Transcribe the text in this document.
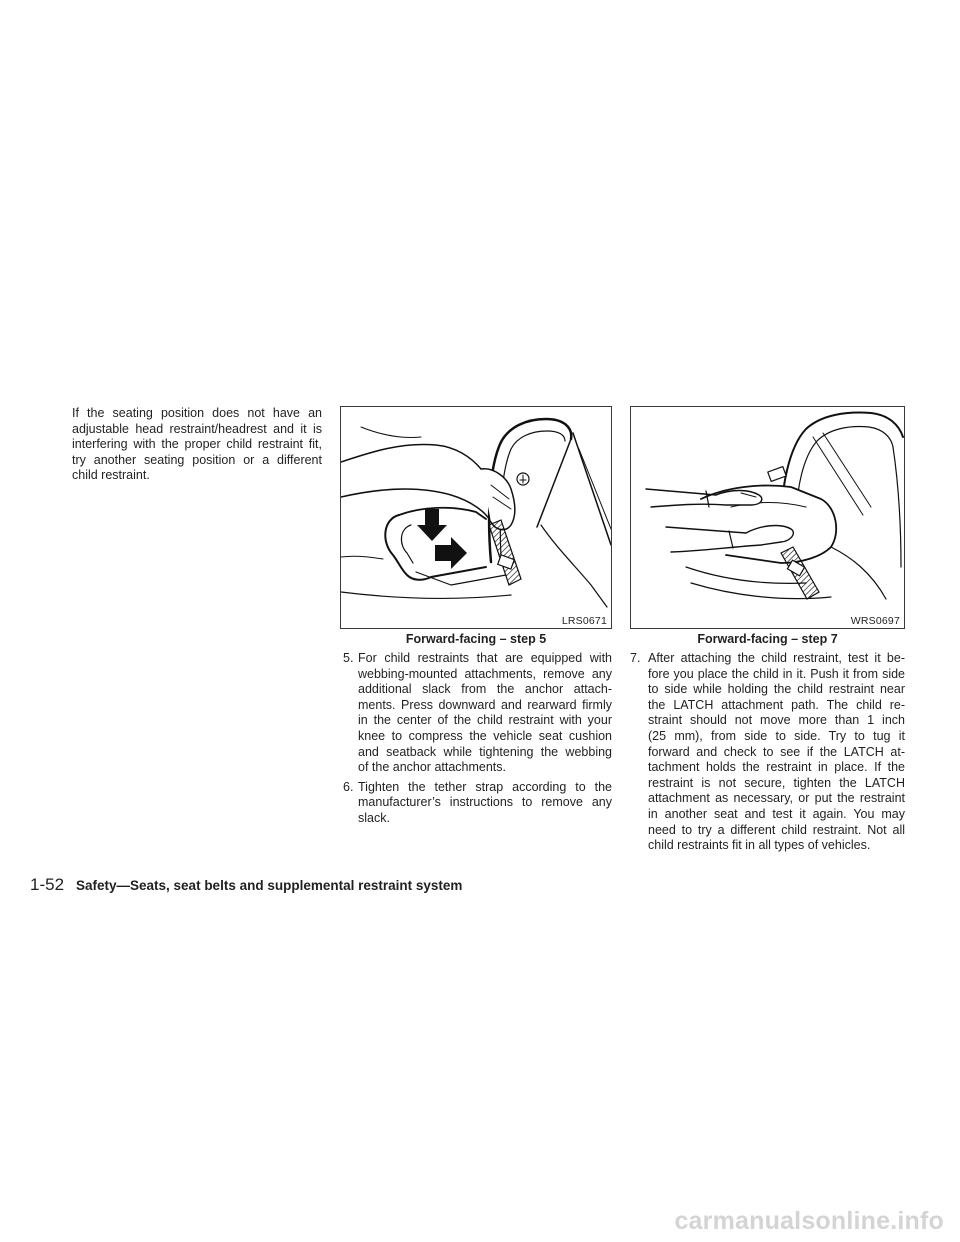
If the seating position does not have an
adjustable head restraint/headrest and it is
interfering with the proper child restraint fit,
try another seating position or a different
child restraint.
LRS0671
Forward-facing – step 5
WRS0697
Forward-facing – step 7
5. For child restraints that are equipped with
webbing-mounted attachments, remove any
additional slack from the anchor attach-
ments. Press downward and rearward firmly
in the center of the child restraint with your
knee to compress the vehicle seat cushion
and seatback while tightening the webbing
of the anchor attachments.
6. Tighten the tether strap according to the
manufacturer’s instructions to remove any
slack.
7. After attaching the child restraint, test it be-
fore you place the child in it. Push it from side
to side while holding the child restraint near
the LATCH attachment path. The child re-
straint should not move more than 1 inch
(25 mm), from side to side. Try to tug it
forward and check to see if the LATCH at-
tachment holds the restraint in place. If the
restraint is not secure, tighten the LATCH
attachment as necessary, or put the restraint
in another seat and test it again. You may
need to try a different child restraint. Not all
child restraints fit in all types of vehicles.
1-52 Safety—Seats, seat belts and supplemental restraint system
carmanualsonline.info
